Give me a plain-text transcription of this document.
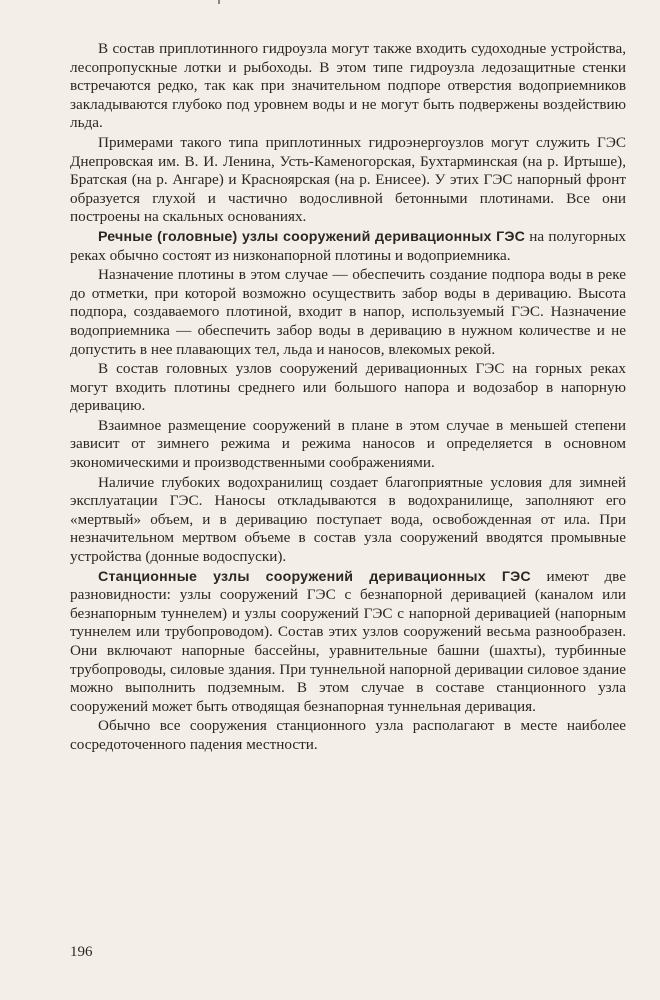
В состав приплотинного гидроузла могут также входить судоходные устройства, лесопропускные лотки и рыбоходы. В этом типе гидроузла ледозащитные стенки встречаются редко, так как при значительном подпоре отверстия водоприемников закладываются глубоко под уровнем воды и не могут быть подвержены воздействию льда.

Примерами такого типа приплотинных гидроэнергоузлов могут служить ГЭС Днепровская им. В. И. Ленина, Усть-Каменогорская, Бухтарминская (на р. Иртыше), Братская (на р. Ангаре) и Красноярская (на р. Енисее). У этих ГЭС напорный фронт образуется глухой и частично водосливной бетонными плотинами. Все они построены на скальных основаниях.

Речные (головные) узлы сооружений деривационных ГЭС на полугорных реках обычно состоят из низконапорной плотины и водоприемника.

Назначение плотины в этом случае — обеспечить создание подпора воды в реке до отметки, при которой возможно осуществить забор воды в деривацию. Высота подпора, создаваемого плотиной, входит в напор, используемый ГЭС. Назначение водоприемника — обеспечить забор воды в деривацию в нужном количестве и не допустить в нее плавающих тел, льда и наносов, влекомых рекой.

В состав головных узлов сооружений деривационных ГЭС на горных реках могут входить плотины среднего или большого напора и водозабор в напорную деривацию.

Взаимное размещение сооружений в плане в этом случае в меньшей степени зависит от зимнего режима и режима наносов и определяется в основном экономическими и производственными соображениями.

Наличие глубоких водохранилищ создает благоприятные условия для зимней эксплуатации ГЭС. Наносы откладываются в водохранилище, заполняют его «мертвый» объем, и в деривацию поступает вода, освобожденная от ила. При незначительном мертвом объеме в состав узла сооружений вводятся промывные устройства (донные водоспуски).

Станционные узлы сооружений деривационных ГЭС имеют две разновидности: узлы сооружений ГЭС с безнапорной деривацией (каналом или безнапорным туннелем) и узлы сооружений ГЭС с напорной деривацией (напорным туннелем или трубопроводом). Состав этих узлов сооружений весьма разнообразен. Они включают напорные бассейны, уравнительные башни (шахты), турбинные трубопроводы, силовые здания. При туннельной напорной деривации силовое здание можно выполнить подземным. В этом случае в составе станционного узла сооружений может быть отводящая безнапорная туннельная деривация.

Обычно все сооружения станционного узла располагают в месте наиболее сосредоточенного падения местности.

196
